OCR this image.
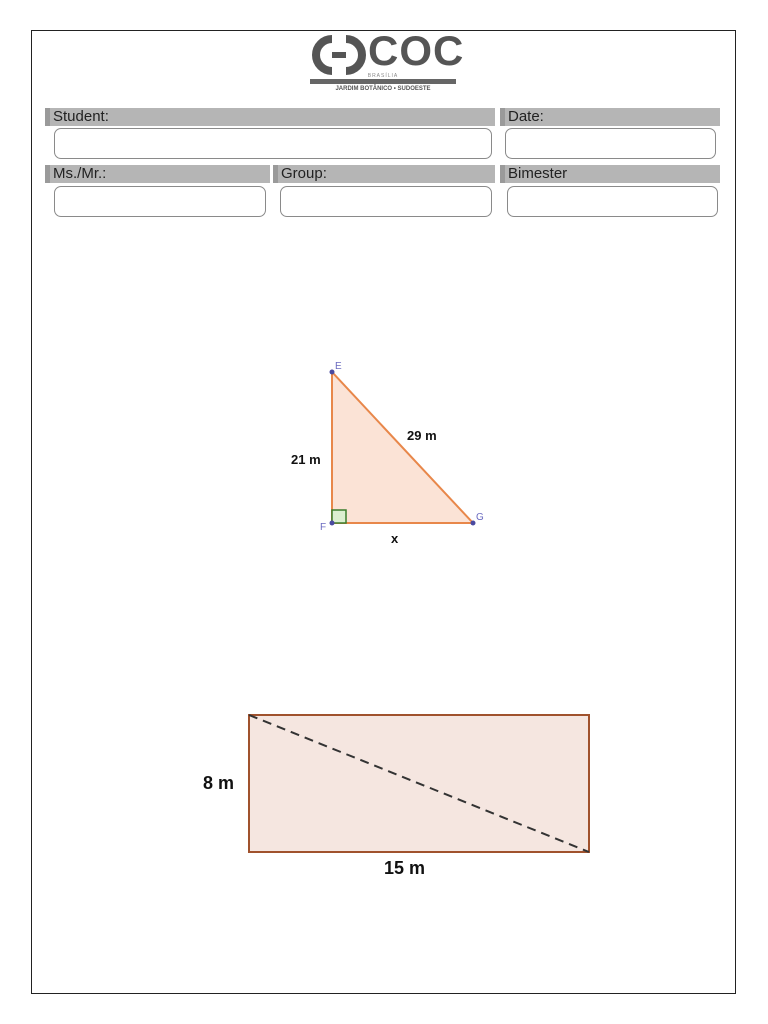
COC
BRASÍLIA
JARDIM BOTÂNICO • SUDOESTE
Student:	Date:
Ms./Mr.:	Group:	Bimester
E
F
G
21 m
29 m
x
8 m
15 m
